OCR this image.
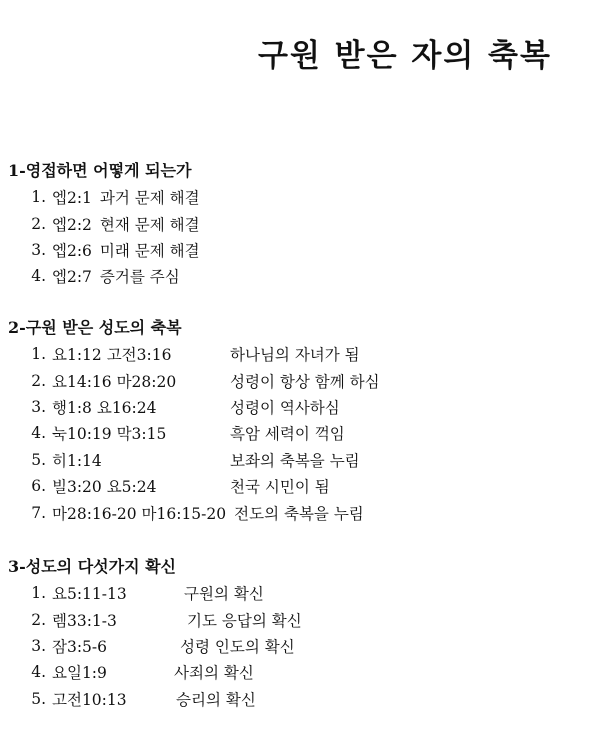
구원 받은 자의 축복
1-영접하면 어떻게 되는가
1. 엡2:1 과거 문제 해결
2. 엡2:2 현재 문제 해결
3. 엡2:6 미래 문제 해결
4. 엡2:7 증거를 주심
2-구원 받은 성도의 축복
1. 요1:12 고전3:16	하나님의 자녀가 됨
2. 요14:16 마28:20	성령이 항상 함께 하심
3. 행1:8 요16:24	성령이 역사하심
4. 눅10:19 막3:15	흑암 세력이 꺽임
5. 히1:14	보좌의 축복을 누림
6. 빌3:20 요5:24	천국 시민이 됨
7. 마28:16-20 마16:15-20 전도의 축복을 누림
3-성도의 다섯가지 확신
1. 요5:11-13	구원의 확신
2. 렘33:1-3	기도 응답의 확신
3. 잠3:5-6	성령 인도의 확신
4. 요일1:9	사죄의 확신
5. 고전10:13	승리의 확신
